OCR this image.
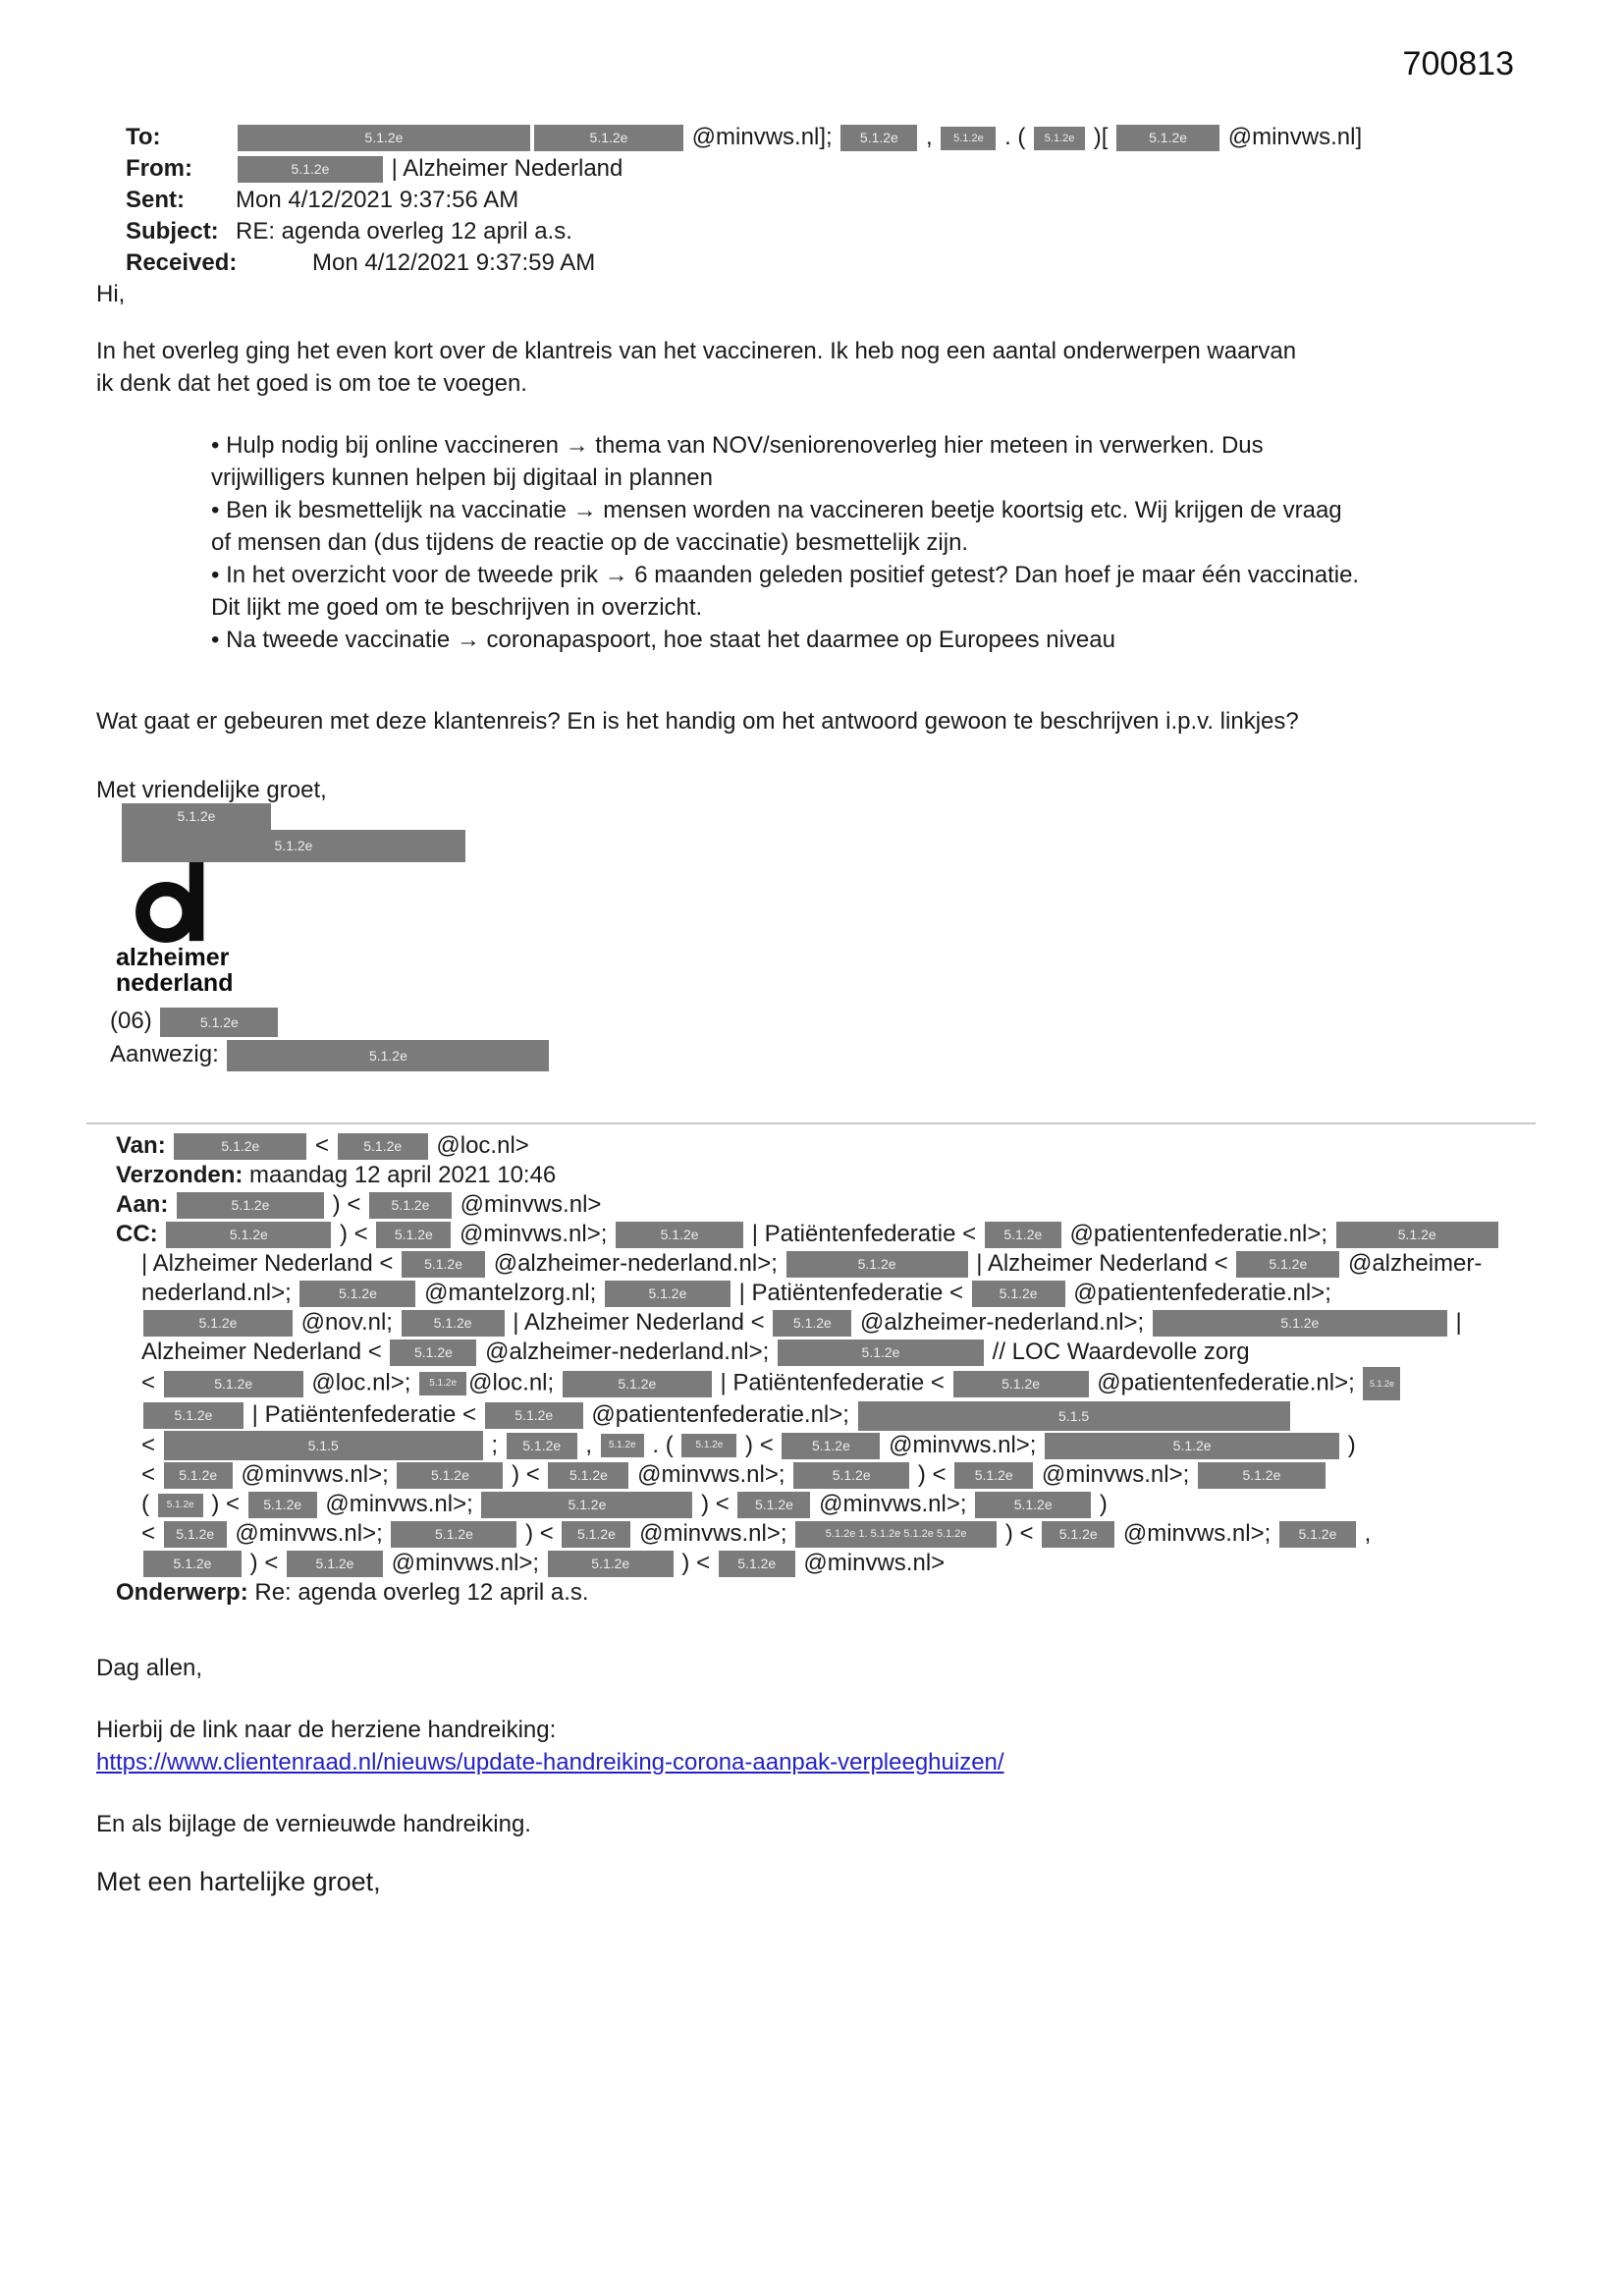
700813
To:	5.1.2e	5.1.2e @minvws.nl]; 5.1.2e , 5.1.2e . ( 5.1.2e )[	5.1.2e @minvws.nl]
From:	5.1.2e | Alzheimer Nederland
Sent:	Mon 4/12/2021 9:37:56 AM
Subject: RE: agenda overleg 12 april a.s.
Received:	Mon 4/12/2021 9:37:59 AM
Hi,
In het overleg ging het even kort over de klantreis van het vaccineren. Ik heb nog een aantal onderwerpen waarvan
ik denk dat het goed is om toe te voegen.
• Hulp nodig bij online vaccineren → thema van NOV/seniorenoverleg hier meteen in verwerken. Dus
vrijwilligers kunnen helpen bij digitaal in plannen
• Ben ik besmettelijk na vaccinatie → mensen worden na vaccineren beetje koortsig etc. Wij krijgen de vraag
of mensen dan (dus tijdens de reactie op de vaccinatie) besmettelijk zijn.
• In het overzicht voor de tweede prik → 6 maanden geleden positief getest? Dan hoef je maar één vaccinatie.
Dit lijkt me goed om te beschrijven in overzicht.
• Na tweede vaccinatie → coronapaspoort, hoe staat het daarmee op Europees niveau
Wat gaat er gebeuren met deze klantenreis? En is het handig om het antwoord gewoon te beschrijven i.p.v. linkjes?
Met vriendelijke groet,
5.1.2e
5.1.2e
alzheimer
nederland
(06)	5.1.2e
Aanwezig:	5.1.2e
Van:	5.1.2e < 5.1.2e @loc.nl>
Verzonden: maandag 12 april 2021 10:46
Aan:	5.1.2e ) < 5.1.2e @minvws.nl>
CC:	5.1.2e	) < 5.1.2e @minvws.nl>;	5.1.2e | Patiëntenfederatie < 5.1.2e @patientenfederatie.nl>;	5.1.2e
| Alzheimer Nederland < 5.1.2e @alzheimer-nederland.nl>;	5.1.2e	| Alzheimer Nederland <	5.1.2e @alzheimer-
nederland.nl>;	5.1.2e @mantelzorg.nl;	5.1.2e | Patiëntenfederatie < 5.1.2e @patientenfederatie.nl>;
5.1.2e @nov.nl;	5.1.2e | Alzheimer Nederland < 5.1.2e @alzheimer-nederland.nl>;	5.1.2e	|
Alzheimer Nederland < 5.1.2e @alzheimer-nederland.nl>;	5.1.2e	// LOC Waardevolle zorg
<	5.1.2e @loc.nl>; 5.1.2e @loc.nl;	5.1.2e | Patiëntenfederatie <	5.1.2e @patientenfederatie.nl>; 5.1.2e
5.1.2e | Patiëntenfederatie < 5.1.2e @patientenfederatie.nl>;	5.1.5
<	5.1.5	; 5.1.2e , 5.1.2e . ( 5.1.2e ) < 5.1.2e @minvws.nl>;	5.1.2e	)
< 5.1.2e @minvws.nl>;	5.1.2e ) < 5.1.2e @minvws.nl>;	5.1.2e ) < 5.1.2e @minvws.nl>;	5.1.2e
( 5.1.2e ) < 5.1.2e @minvws.nl>;	5.1.2e	) < 5.1.2e @minvws.nl>;	5.1.2e )
< 5.1.2e @minvws.nl>;	5.1.2e ) < 5.1.2e @minvws.nl>;	5.1.2e 1. 5.1.2e 5.1.2e 5.1.2e ) < 5.1.2e @minvws.nl>; 5.1.2e ,
5.1.2e ) < 5.1.2e @minvws.nl>;	5.1.2e ) < 5.1.2e @minvws.nl>
Onderwerp: Re: agenda overleg 12 april a.s.
Dag allen,
Hierbij de link naar de herziene handreiking:
https://www.clientenraad.nl/nieuws/update-handreiking-corona-aanpak-verpleeghuizen/
En als bijlage de vernieuwde handreiking.
Met een hartelijke groet,
